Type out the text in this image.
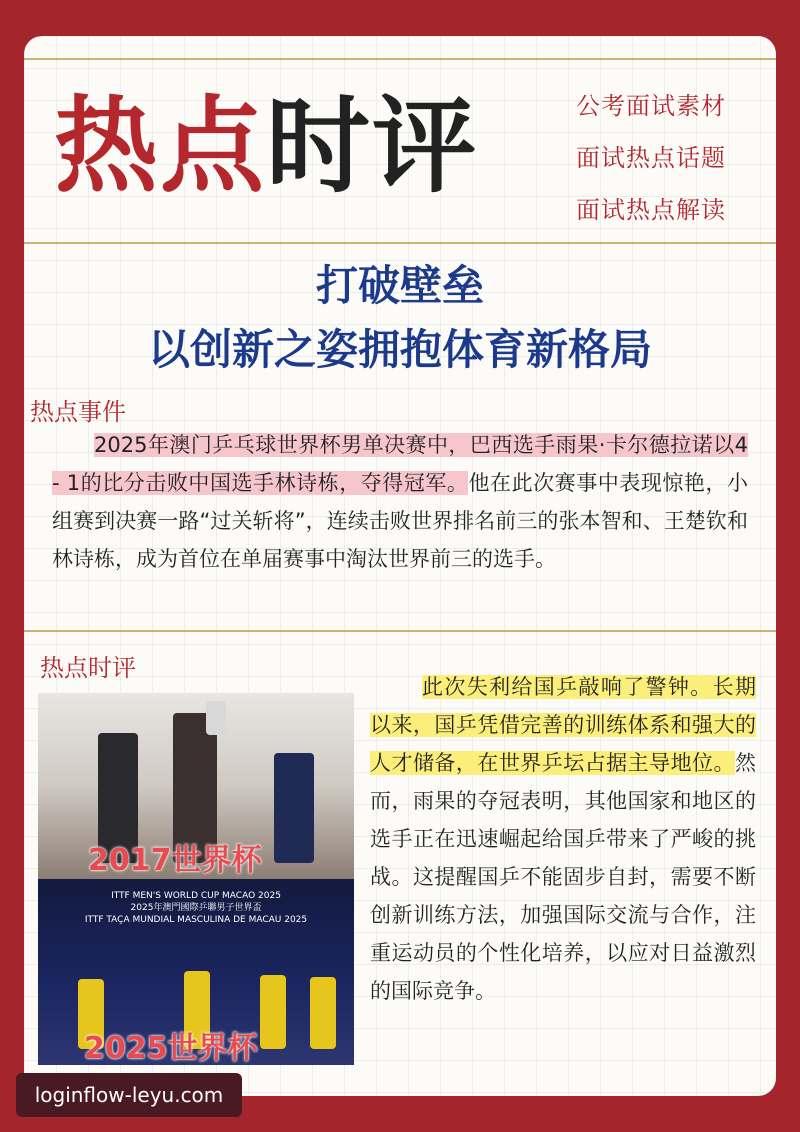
热点时评	公考面试素材
面试热点话题
面试热点解读
打破壁垒
以创新之姿拥抱体育新格局
热点事件
2025年澳门乒乓球世界杯男单决赛中，巴西选手雨果·卡尔德拉诺以4 - 1的比分击败中国选手林诗栋，夺得冠军。他在此次赛事中表现惊艳，小组赛到决赛一路“过关斩将”，连续击败世界排名前三的张本智和、王楚钦和林诗栋，成为首位在单届赛事中淘汰世界前三的选手。
热点时评
ITTF MEN'S WORLD CUP MACAO 2025
2025年澳門國際乒聯男子世界盃
ITTF TAÇA MUNDIAL MASCULINA DE MACAU 2025
2017世界杯
2025世界杯
此次失利给国乒敲响了警钟。长期以来，国乒凭借完善的训练体系和强大的人才储备，在世界乒坛占据主导地位。然而，雨果的夺冠表明，其他国家和地区的选手正在迅速崛起给国乒带来了严峻的挑战。这提醒国乒不能固步自封，需要不断创新训练方法，加强国际交流与合作，注重运动员的个性化培养，以应对日益激烈的国际竞争。
loginflow-leyu.com
